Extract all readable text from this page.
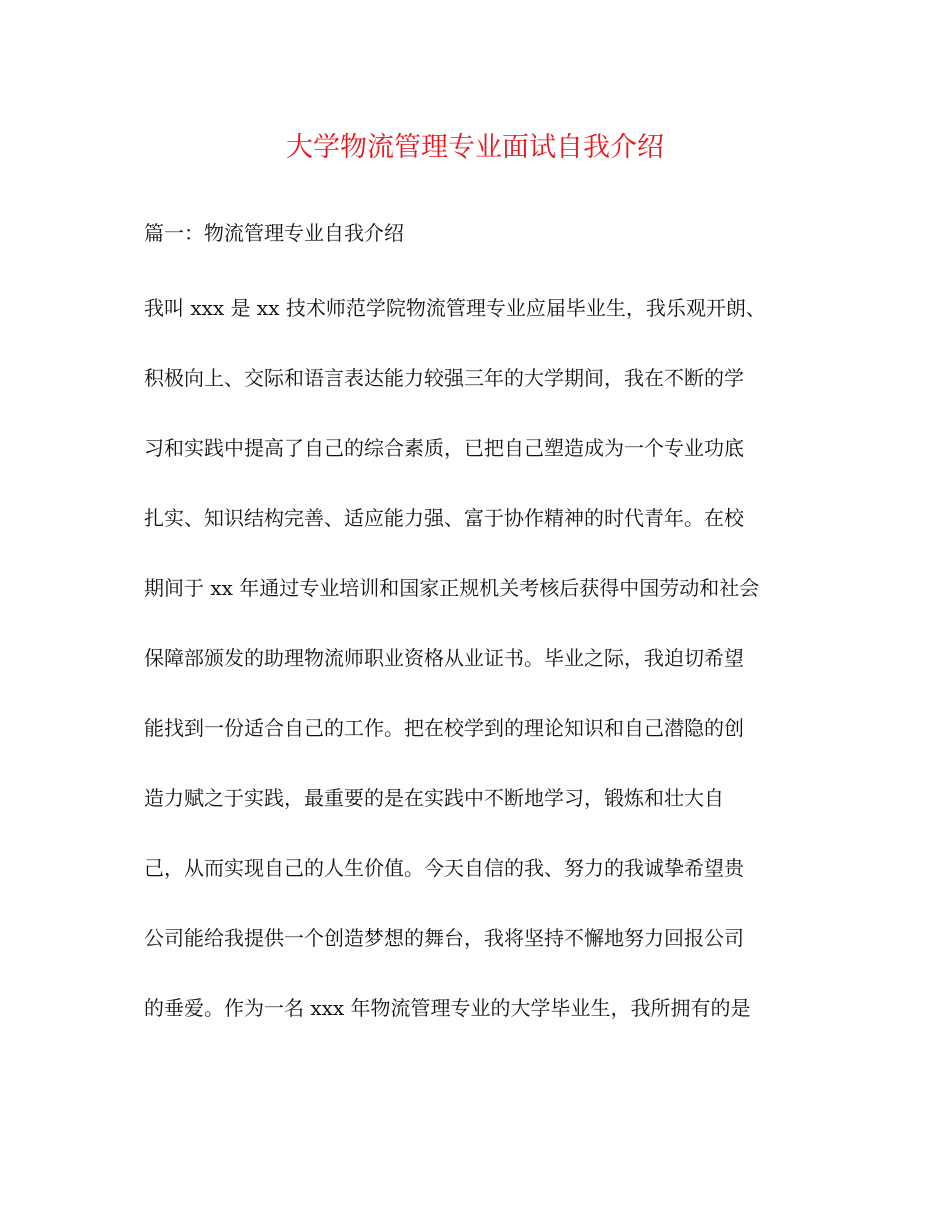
大学物流管理专业面试自我介绍
篇一：物流管理专业自我介绍
我叫 xxx 是 xx 技术师范学院物流管理专业应届毕业生，我乐观开朗、
积极向上、交际和语言表达能力较强三年的大学期间，我在不断的学
习和实践中提高了自己的综合素质，已把自己塑造成为一个专业功底
扎实、知识结构完善、适应能力强、富于协作精神的时代青年。在校
期间于 xx 年通过专业培训和国家正规机关考核后获得中国劳动和社会
保障部颁发的助理物流师职业资格从业证书。毕业之际，我迫切希望
能找到一份适合自己的工作。把在校学到的理论知识和自己潜隐的创
造力赋之于实践，最重要的是在实践中不断地学习，锻炼和壮大自
己，从而实现自己的人生价值。今天自信的我、努力的我诚挚希望贵
公司能给我提供一个创造梦想的舞台，我将坚持不懈地努力回报公司
的垂爱。作为一名 xxx 年物流管理专业的大学毕业生，我所拥有的是
